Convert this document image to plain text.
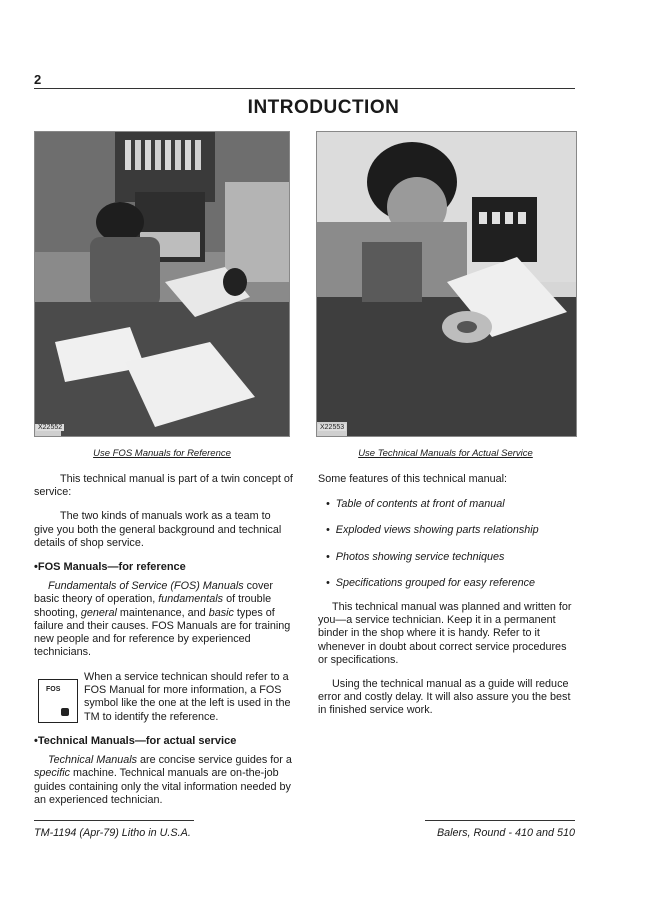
2
INTRODUCTION
X22552
Use FOS Manuals for Reference
X22553
Use Technical Manuals for Actual Service

This technical manual is part of a twin concept of service:

The two kinds of manuals work as a team to give you both the general background and technical details of shop service.

•FOS Manuals—for reference

Fundamentals of Service (FOS) Manuals cover basic theory of operation, fundamentals of trouble shooting, general maintenance, and basic types of failure and their causes. FOS Manuals are for training new people and for reference by experienced technicians.

FOS
When a service technican should refer to a FOS Manual for more information, a FOS symbol like the one at the left is used in the TM to identify the reference.

•Technical Manuals—for actual service

Technical Manuals are concise service guides for a specific machine. Technical manuals are on-the-job guides containing only the vital information needed by an experienced technician.

Some features of this technical manual:

•  Table of contents at front of manual

•  Exploded views showing parts relationship

•  Photos showing service techniques

•  Specifications grouped for easy reference

This technical manual was planned and written for you—a service technician. Keep it in a permanent binder in the shop where it is handy. Refer to it whenever in doubt about correct service procedures or specifications.

Using the technical manual as a guide will reduce error and costly delay. It will also assure you the best in finished service work.

TM-1194 (Apr-79) Litho in U.S.A.	Balers, Round - 410 and 510
